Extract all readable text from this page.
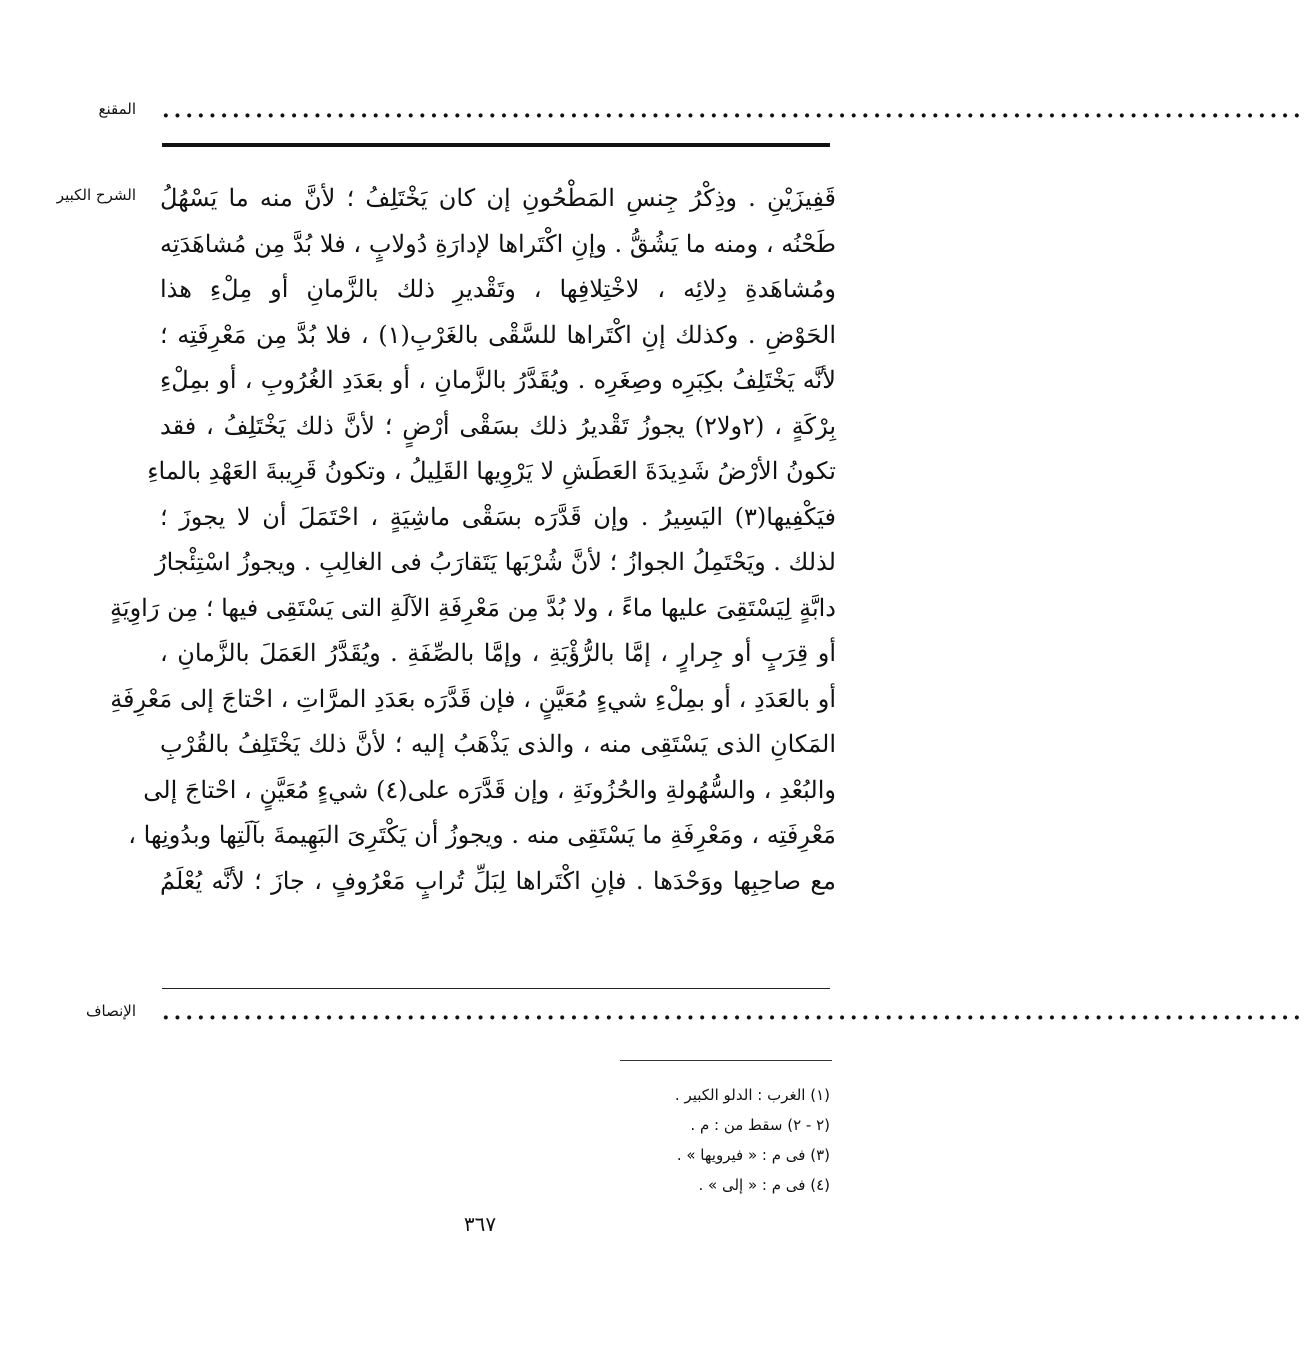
المقنع ··································································································
الشرح الكبير قَفِيزَيْنِ . وذِكْرُ جِنسِ المَطْحُونِ إن كان يَخْتَلِفُ ؛ لأنَّ منه ما يَسْهُلُ
طَحْنُه ، ومنه ما يَشُقُّ . وإنِ اكْتَراها لإدارَةِ دُولابٍ ، فلا بُدَّ مِن مُشاهَدَتِه
ومُشاهَدةِ دِلائِه ، لاخْتِلافِها ، وتَقْديرِ ذلك بالزَّمانِ أو مِلْءِ هذا
الحَوْضِ . وكذلك إنِ اكْتَراها للسَّقْى بالغَرْبِ(١) ، فلا بُدَّ مِن مَعْرِفَتِه ؛
لأنَّه يَخْتَلِفُ بكِبَرِه وصِغَرِه . ويُقَدَّرُ بالزَّمانِ ، أو بعَدَدِ الغُرُوبِ ، أو بمِلْءِ
بِرْكَةٍ ، (٢ولا٢) يجوزُ تَقْديرُ ذلك بسَقْى أرْضٍ ؛ لأنَّ ذلك يَخْتَلِفُ ، فقد
تكونُ الأرْضُ شَدِيدَةَ العَطَشِ لا يَرْوِيها القَلِيلُ ، وتكونُ قَرِيبةَ العَهْدِ بالماءِ
فيَكْفِيها(٣) اليَسِيرُ . وإن قَدَّرَه بسَقْى ماشِيَةٍ ، احْتَمَلَ أن لا يجوزَ ؛
لذلك . ويَحْتَمِلُ الجوازُ ؛ لأنَّ شُرْبَها يَتَقارَبُ فى الغالِبِ . ويجوزُ اسْتِئْجارُ
دابَّةٍ لِيَسْتَقِىَ عليها ماءً ، ولا بُدَّ مِن مَعْرِفَةِ الآلَةِ التى يَسْتَقِى فيها ؛ مِن رَاوِيَةٍ
أو قِرَبٍ أو جِرارٍ ، إمَّا بالرُّؤْيَةِ ، وإمَّا بالصِّفَةِ . ويُقَدَّرُ العَمَلَ بالزَّمانِ ،
أو بالعَدَدِ ، أو بمِلْءِ شيءٍ مُعَيَّنٍ ، فإن قَدَّرَه بعَدَدِ المرَّاتِ ، احْتاجَ إلى مَعْرِفَةِ
المَكانِ الذى يَسْتَقِى منه ، والذى يَذْهَبُ إليه ؛ لأنَّ ذلك يَخْتَلِفُ بالقُرْبِ
والبُعْدِ ، والسُّهُولةِ والحُزُونَةِ ، وإن قَدَّرَه على(٤) شيءٍ مُعَيَّنٍ ، احْتاجَ إلى
مَعْرِفَتِه ، ومَعْرِفَةِ ما يَسْتَقِى منه . ويجوزُ أن يَكْتَرِىَ البَهِيمةَ بآلَتِها وبدُونِها ،
مع صاحِبِها ووَحْدَها . فإنِ اكْتَراها لِبَلِّ تُرابٍ مَعْرُوفٍ ، جازَ ؛ لأنَّه يُعْلَمُ
الإنصاف ··································································································
(١) الغرب : الدلو الكبير .
(٢ - ٢) سقط من : م .
(٣) فى م : « فيرويها » .
(٤) فى م : « إلى » .
٣٦٧
